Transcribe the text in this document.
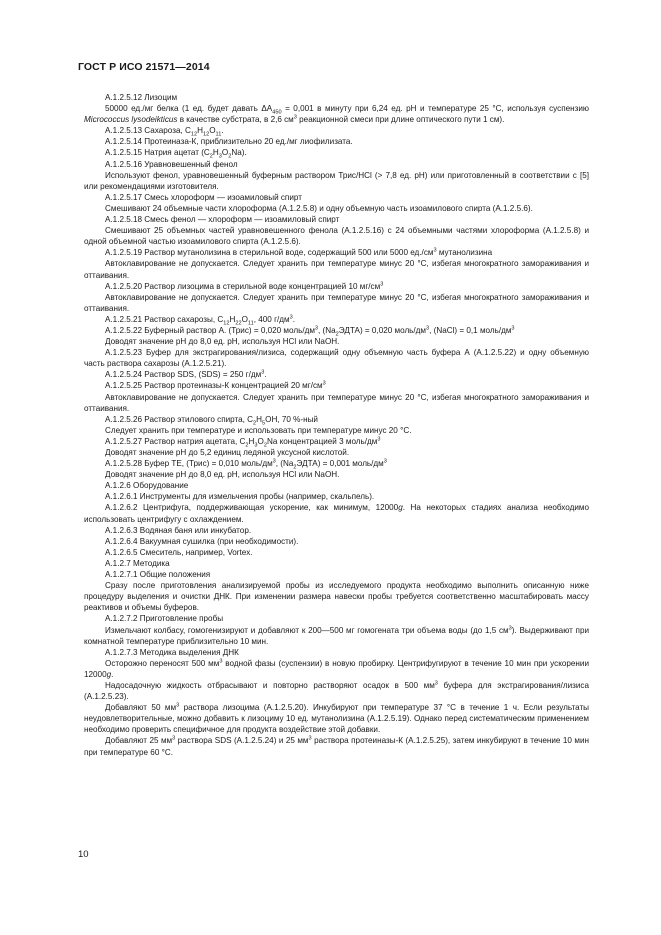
ГОСТ Р ИСО 21571—2014

A.1.2.5.12 Лизоцим

50000 ед./мг белка (1 ед. будет давать $\Delta A_{450} = 0,001$ в минуту при 6,24 ед. pH и температуре 25 °С, используя суспензию Micrococcus lysodeikticus в качестве субстрата, в 2,6 $см^3$ реакционной смеси при длине оптического пути 1 см).

A.1.2.5.13 Сахароза, $C_{12}H_{12}O_{11}$.

A.1.2.5.14 Протеиназа-К, приблизительно 20 ед./мг лиофилизата.

A.1.2.5.15 Натрия ацетат $(C_2H_3O_2Na)$.

A.1.2.5.16 Уравновешенный фенол

Используют фенол, уравновешенный буферным раствором Трис/HCl (> 7,8 ед. pH) или приготовленный в соответствии с [5] или рекомендациями изготовителя.

A.1.2.5.17 Смесь хлороформ — изоамиловый спирт

Смешивают 24 объемные части хлороформа (A.1.2.5.8) и одну объемную часть изоамилового спирта (A.1.2.5.6).

A.1.2.5.18 Смесь фенол — хлороформ — изоамиловый спирт

Смешивают 25 объемных частей уравновешенного фенола (A.1.2.5.16) с 24 объемными частями хлороформа (A.1.2.5.8) и одной объемной частью изоамилового спирта (A.1.2.5.6).

A.1.2.5.19 Раствор мутанолизина в стерильной воде, содержащий 500 или 5000 $ед./см^3$ мутанолизина

Автоклавирование не допускается. Следует хранить при температуре минус 20 °С, избегая многократного замораживания и оттаивания.

A.1.2.5.20 Раствор лизоцима в стерильной воде концентрацией 10 $мг/см^3$

Автоклавирование не допускается. Следует хранить при температуре минус 20 °С, избегая многократного замораживания и оттаивания.

A.1.2.5.21 Раствор сахарозы, $C_{12}H_{22}O_{11}$, 400 $г/дм^3$.

A.1.2.5.22 Буферный раствор А. (Трис) = 0,020 моль/$дм^3$, $(Na_2ЭДТА) = 0,020$ моль/$дм^3$, (NaCl) = 0,1 моль/$дм^3$

Доводят значение pH до 8,0 ед. pH, используя HCl или NaOH.

A.1.2.5.23 Буфер для экстрагирования/лизиса, содержащий одну объемную часть буфера А (A.1.2.5.22) и одну объемную часть раствора сахарозы (A.1.2.5.21).

A.1.2.5.24 Раствор SDS, (SDS) = 250 $г/дм^3$.

A.1.2.5.25 Раствор протеиназы-К концентрацией 20 $мг/см^3$

Автоклавирование не допускается. Следует хранить при температуре минус 20 °С, избегая многократного замораживания и оттаивания.

A.1.2.5.26 Раствор этилового спирта, $C_2H_5OH$, 70 %-ный

Следует хранить при температуре и использовать при температуре минус 20 °С.

A.1.2.5.27 Раствор натрия ацетата, $C_2H_3O_2Na$ концентрацией 3 моль/$дм^3$

Доводят значение pH до 5,2 единиц ледяной уксусной кислотой.

A.1.2.5.28 Буфер ТЕ, (Трис) = 0,010 моль/$дм^3$, $(Na_2ЭДТА) = 0,001$ моль/$дм^3$

Доводят значение pH до 8,0 ед. pH, используя HCl или NaOH.

A.1.2.6 Оборудование

A.1.2.6.1 Инструменты для измельчения пробы (например, скальпель).

A.1.2.6.2 Центрифуга, поддерживающая ускорение, как минимум, 12000g. На некоторых стадиях анализа необходимо использовать центрифугу с охлаждением.

A.1.2.6.3 Водяная баня или инкубатор.

A.1.2.6.4 Вакуумная сушилка (при необходимости).

A.1.2.6.5 Смеситель, например, Vortex.

A.1.2.7 Методика

A.1.2.7.1 Общие положения

Сразу после приготовления анализируемой пробы из исследуемого продукта необходимо выполнить описанную ниже процедуру выделения и очистки ДНК. При изменении размера навески пробы требуется соответственно масштабировать массу реактивов и объемы буферов.

A.1.2.7.2 Приготовление пробы

Измельчают колбасу, гомогенизируют и добавляют к 200—500 мг гомогената три объема воды (до 1,5 $см^3$). Выдерживают при комнатной температуре приблизительно 10 мин.

A.1.2.7.3 Методика выделения ДНК

Осторожно переносят 500 $мм^3$ водной фазы (суспензии) в новую пробирку. Центрифугируют в течение 10 мин при ускорении 12000g.

Надосадочную жидкость отбрасывают и повторно растворяют осадок в 500 $мм^3$ буфера для экстрагирования/лизиса (A.1.2.5.23).

Добавляют 50 $мм^3$ раствора лизоцима (A.1.2.5.20). Инкубируют при температуре 37 °С в течение 1 ч. Если результаты неудовлетворительные, можно добавить к лизоциму 10 ед. мутанолизина (A.1.2.5.19). Однако перед систематическим применением необходимо проверить специфичное для продукта воздействие этой добавки.

Добавляют 25 $мм^3$ раствора SDS (A.1.2.5.24) и 25 $мм^3$ раствора протеиназы-К (A.1.2.5.25), затем инкубируют в течение 10 мин при температуре 60 °С.

10
